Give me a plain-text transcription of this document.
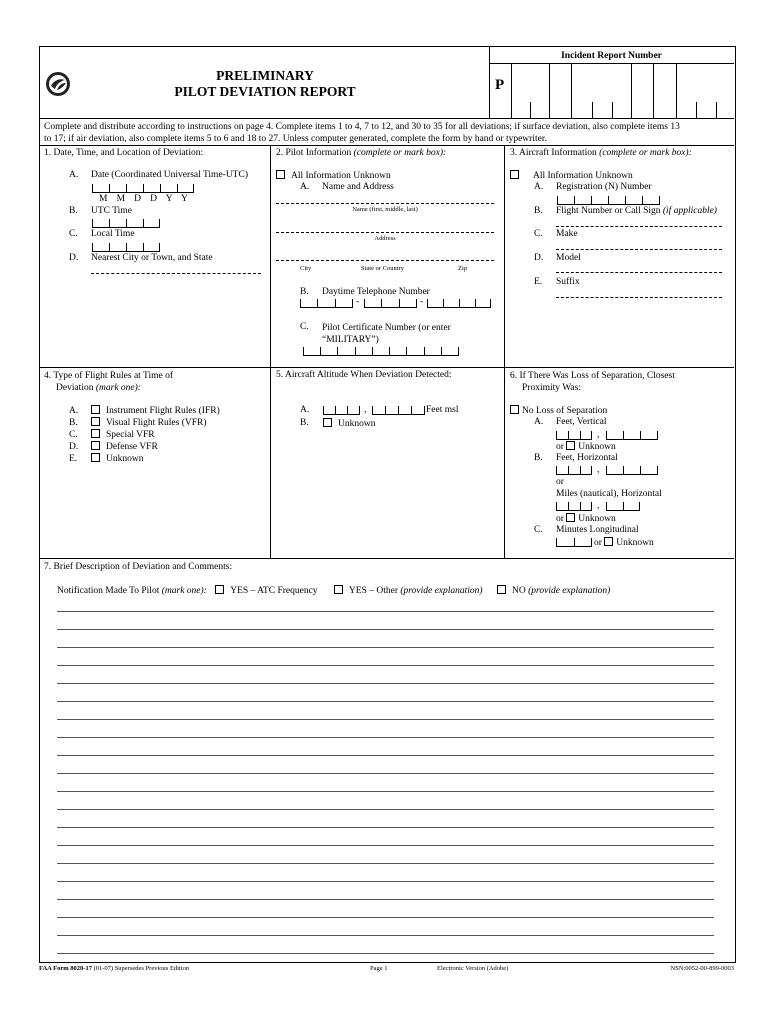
PRELIMINARY
PILOT DEVIATION REPORT
Incident Report Number
P
Complete and distribute according to instructions on page 4. Complete items 1 to 4, 7 to 12, and 30 to 35 for all deviations; if surface deviation, also complete items 13
to 17; if air deviation, also complete items 5 to 6 and 18 to 27. Unless computer generated, complete the form by hand or typewriter.
1. Date, Time, and Location of Deviation:
A. Date (Coordinated Universal Time-UTC)
M   M   D   D   Y   Y
B. UTC Time
C. Local Time
D. Nearest City or Town, and State
2. Pilot Information (complete or mark box):
All Information Unknown
A. Name and Address
Name (first, middle, last)
Address
City	State or Country	Zip
B. Daytime Telephone Number
-	-
C. Pilot Certificate Number (or enter
“MILITARY”)
3. Aircraft Information (complete or mark box):
All Information Unknown
A. Registration (N) Number
B. Flight Number or Call Sign (if applicable)
C. Make
D. Model
E. Suffix
4. Type of Flight Rules at Time of
Deviation (mark one):
A.	Instrument Flight Rules (IFR)
B.	Visual Flight Rules (VFR)
C.	Special VFR
D.	Defense VFR
E.	Unknown
5. Aircraft Altitude When Deviation Detected:
A.	,	Feet msl
B.	Unknown
6. If There Was Loss of Separation, Closest
Proximity Was:
No Loss of Separation
A. Feet, Vertical
,
or Unknown
B. Feet, Horizontal
,
or
Miles (nautical), Horizontal
,
or Unknown
C. Minutes Longitudinal
or Unknown
7. Brief Description of Deviation and Comments:
Notification Made To Pilot (mark one): YES – ATC Frequency	YES – Other (provide explanation)	NO (provide explanation)
FAA Form 8020-17 (01-07) Supersedes Previous Edition	Page 1	Electronic Version (Adobe)	NSN:0052-00-899-0003
